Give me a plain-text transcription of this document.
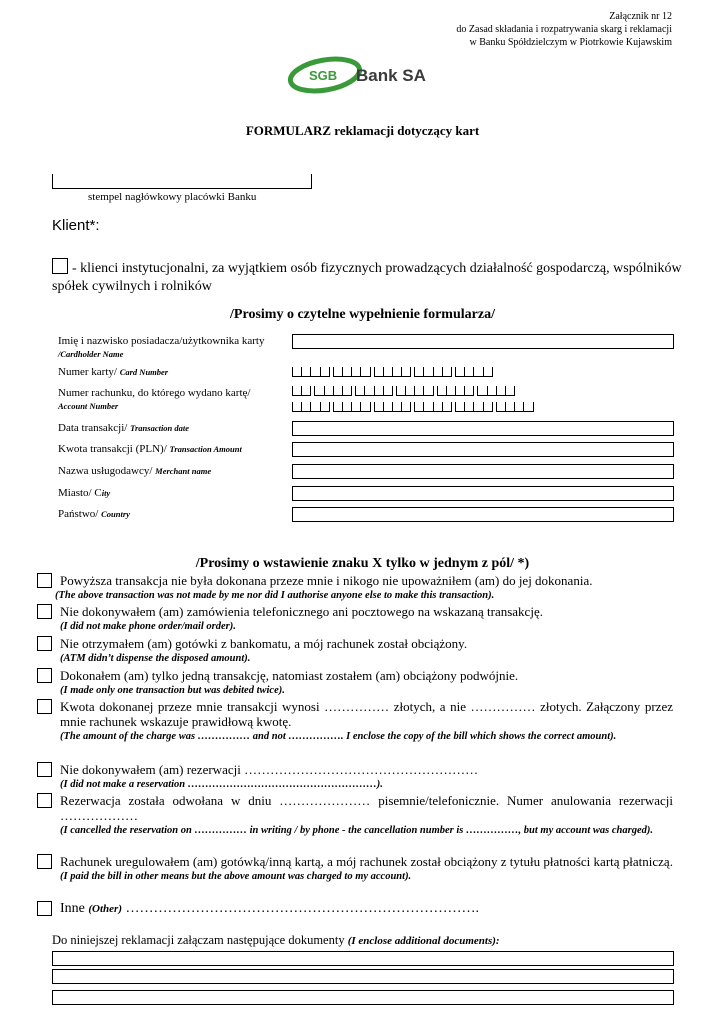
Załącznik nr 12
do Zasad składania i rozpatrywania skarg i reklamacji
w Banku Spółdzielczym w Piotrkowie Kujawskim
SGB Bank SA
FORMULARZ reklamacji dotyczący kart
stempel nagłówkowy placówki Banku
Klient*:
- klienci instytucjonalni, za wyjątkiem osób fizycznych prowadzących działalność gospodarczą, wspólników spółek cywilnych i rolników
/Prosimy o czytelne wypełnienie formularza/
Imię i nazwisko posiadacza/użytkownika karty
/Cardholder Name
Numer karty/ Card Number
Numer rachunku, do którego wydano kartę/
Account Number
Data transakcji/ Transaction date
Kwota transakcji (PLN)/ Transaction Amount
Nazwa usługodawcy/ Merchant name
Miasto/ City
Państwo/ Country
/Prosimy o wstawienie znaku X tylko w jednym z pól/ *)
Powyższa transakcja nie była dokonana przeze mnie i nikogo nie upoważniłem (am) do jej dokonania.
(The above transaction was not made by me nor did I authorise anyone else to make this transaction).
Nie dokonywałem (am) zamówienia telefonicznego ani pocztowego na wskazaną transakcję.
(I did not make phone order/mail order).
Nie otrzymałem (am) gotówki z bankomatu, a mój rachunek został obciążony.
(ATM didn’t dispense the disposed amount).
Dokonałem (am) tylko jedną transakcję, natomiast zostałem (am) obciążony podwójnie.
(I made only one transaction but was debited twice).
Kwota dokonanej przeze mnie transakcji wynosi …………… złotych, a nie …………… złotych. Załączony przez mnie rachunek wskazuje prawidłową kwotę.
(The amount of the charge was …………… and not ……………. I enclose the copy of the bill which shows the correct amount).
Nie dokonywałem (am) rezerwacji ………………………………………………
(I did not make a reservation ………………………………………………).
Rezerwacja została odwołana w dniu ………………… pisemnie/telefonicznie. Numer anulowania rezerwacji ………………
(I cancelled the reservation on …………… in writing / by phone - the cancellation number is ……………, but my account was charged).
Rachunek uregulowałem (am) gotówką/inną kartą, a mój rachunek został obciążony z tytułu płatności kartą płatniczą.
(I paid the bill in other means but the above amount was charged to my account).
Inne (Other) ………………………………………………………………….
Do niniejszej reklamacji załączam następujące dokumenty (I enclose additional documents):
